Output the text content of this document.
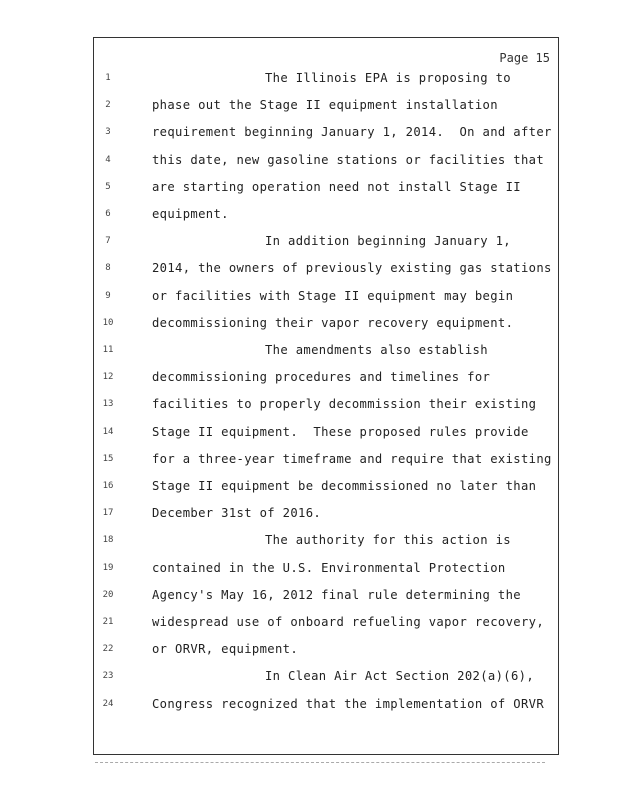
Page 15
1	The Illinois EPA is proposing to
2	phase out the Stage II equipment installation
3	requirement beginning January 1, 2014.  On and after
4	this date, new gasoline stations or facilities that
5	are starting operation need not install Stage II
6	equipment.
7	In addition beginning January 1,
8	2014, the owners of previously existing gas stations
9	or facilities with Stage II equipment may begin
10	decommissioning their vapor recovery equipment.
11	The amendments also establish
12	decommissioning procedures and timelines for
13	facilities to properly decommission their existing
14	Stage II equipment.  These proposed rules provide
15	for a three-year timeframe and require that existing
16	Stage II equipment be decommissioned no later than
17	December 31st of 2016.
18	The authority for this action is
19	contained in the U.S. Environmental Protection
20	Agency's May 16, 2012 final rule determining the
21	widespread use of onboard refueling vapor recovery,
22	or ORVR, equipment.
23	In Clean Air Act Section 202(a)(6),
24	Congress recognized that the implementation of ORVR
